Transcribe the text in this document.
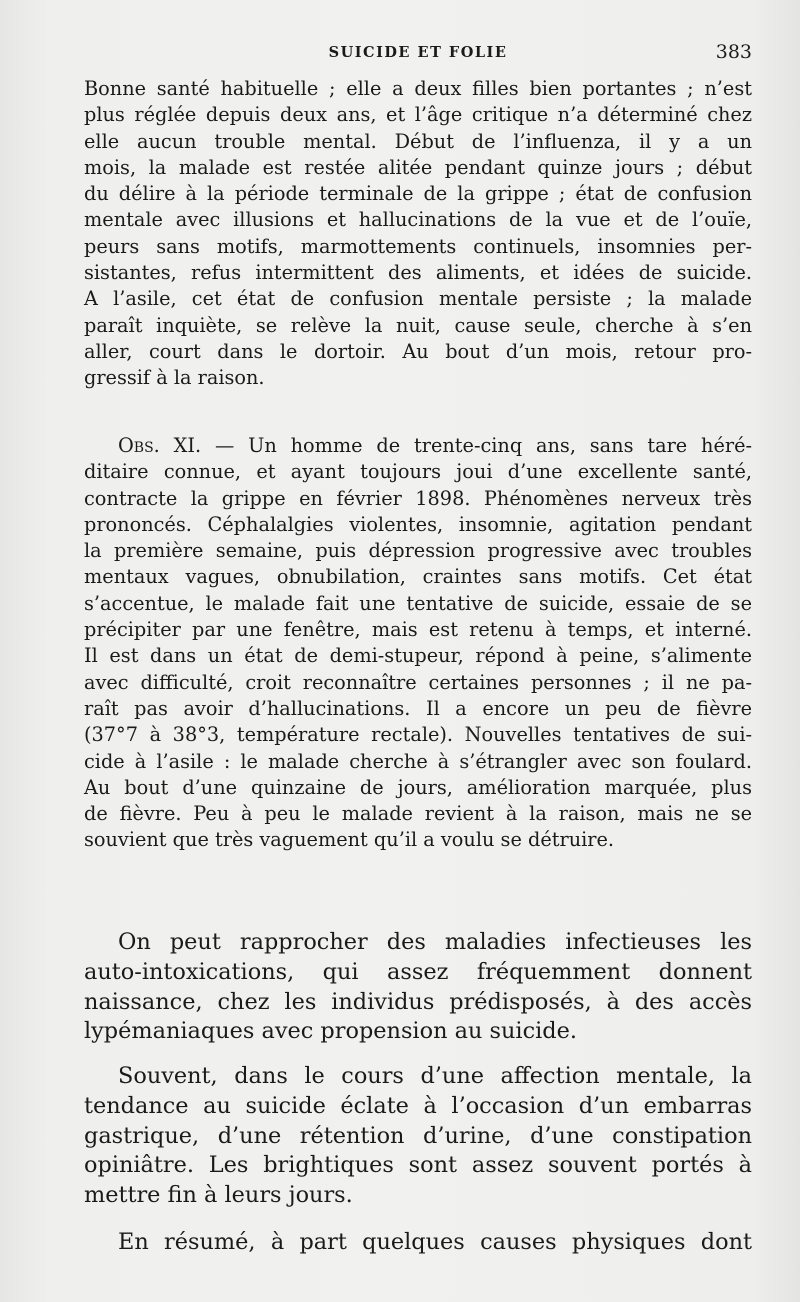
SUICIDE ET FOLIE	383
Bonne santé habituelle ; elle a deux filles bien portantes ; n’est
plus réglée depuis deux ans, et l’âge critique n’a déterminé chez
elle aucun trouble mental. Début de l’influenza, il y a un
mois, la malade est restée alitée pendant quinze jours ; début
du délire à la période terminale de la grippe ; état de confusion
mentale avec illusions et hallucinations de la vue et de l’ouïe,
peurs sans motifs, marmottements continuels, insomnies per-
sistantes, refus intermittent des aliments, et idées de suicide.
A l’asile, cet état de confusion mentale persiste ; la malade
paraît inquiète, se relève la nuit, cause seule, cherche à s’en
aller, court dans le dortoir. Au bout d’un mois, retour pro-
gressif à la raison.
Obs. XI. — Un homme de trente-cinq ans, sans tare héré-
ditaire connue, et ayant toujours joui d’une excellente santé,
contracte la grippe en février 1898. Phénomènes nerveux très
prononcés. Céphalalgies violentes, insomnie, agitation pendant
la première semaine, puis dépression progressive avec troubles
mentaux vagues, obnubilation, craintes sans motifs. Cet état
s’accentue, le malade fait une tentative de suicide, essaie de se
précipiter par une fenêtre, mais est retenu à temps, et interné.
Il est dans un état de demi-stupeur, répond à peine, s’alimente
avec difficulté, croit reconnaître certaines personnes ; il ne pa-
raît pas avoir d’hallucinations. Il a encore un peu de fièvre
(37°7 à 38°3, température rectale). Nouvelles tentatives de sui-
cide à l’asile : le malade cherche à s’étrangler avec son foulard.
Au bout d’une quinzaine de jours, amélioration marquée, plus
de fièvre. Peu à peu le malade revient à la raison, mais ne se
souvient que très vaguement qu’il a voulu se détruire.
On peut rapprocher des maladies infectieuses les
auto-intoxications, qui assez fréquemment donnent
naissance, chez les individus prédisposés, à des accès
lypémaniaques avec propension au suicide.
Souvent, dans le cours d’une affection mentale, la
tendance au suicide éclate à l’occasion d’un embarras
gastrique, d’une rétention d’urine, d’une constipation
opiniâtre. Les brightiques sont assez souvent portés à
mettre fin à leurs jours.
En résumé, à part quelques causes physiques dont
